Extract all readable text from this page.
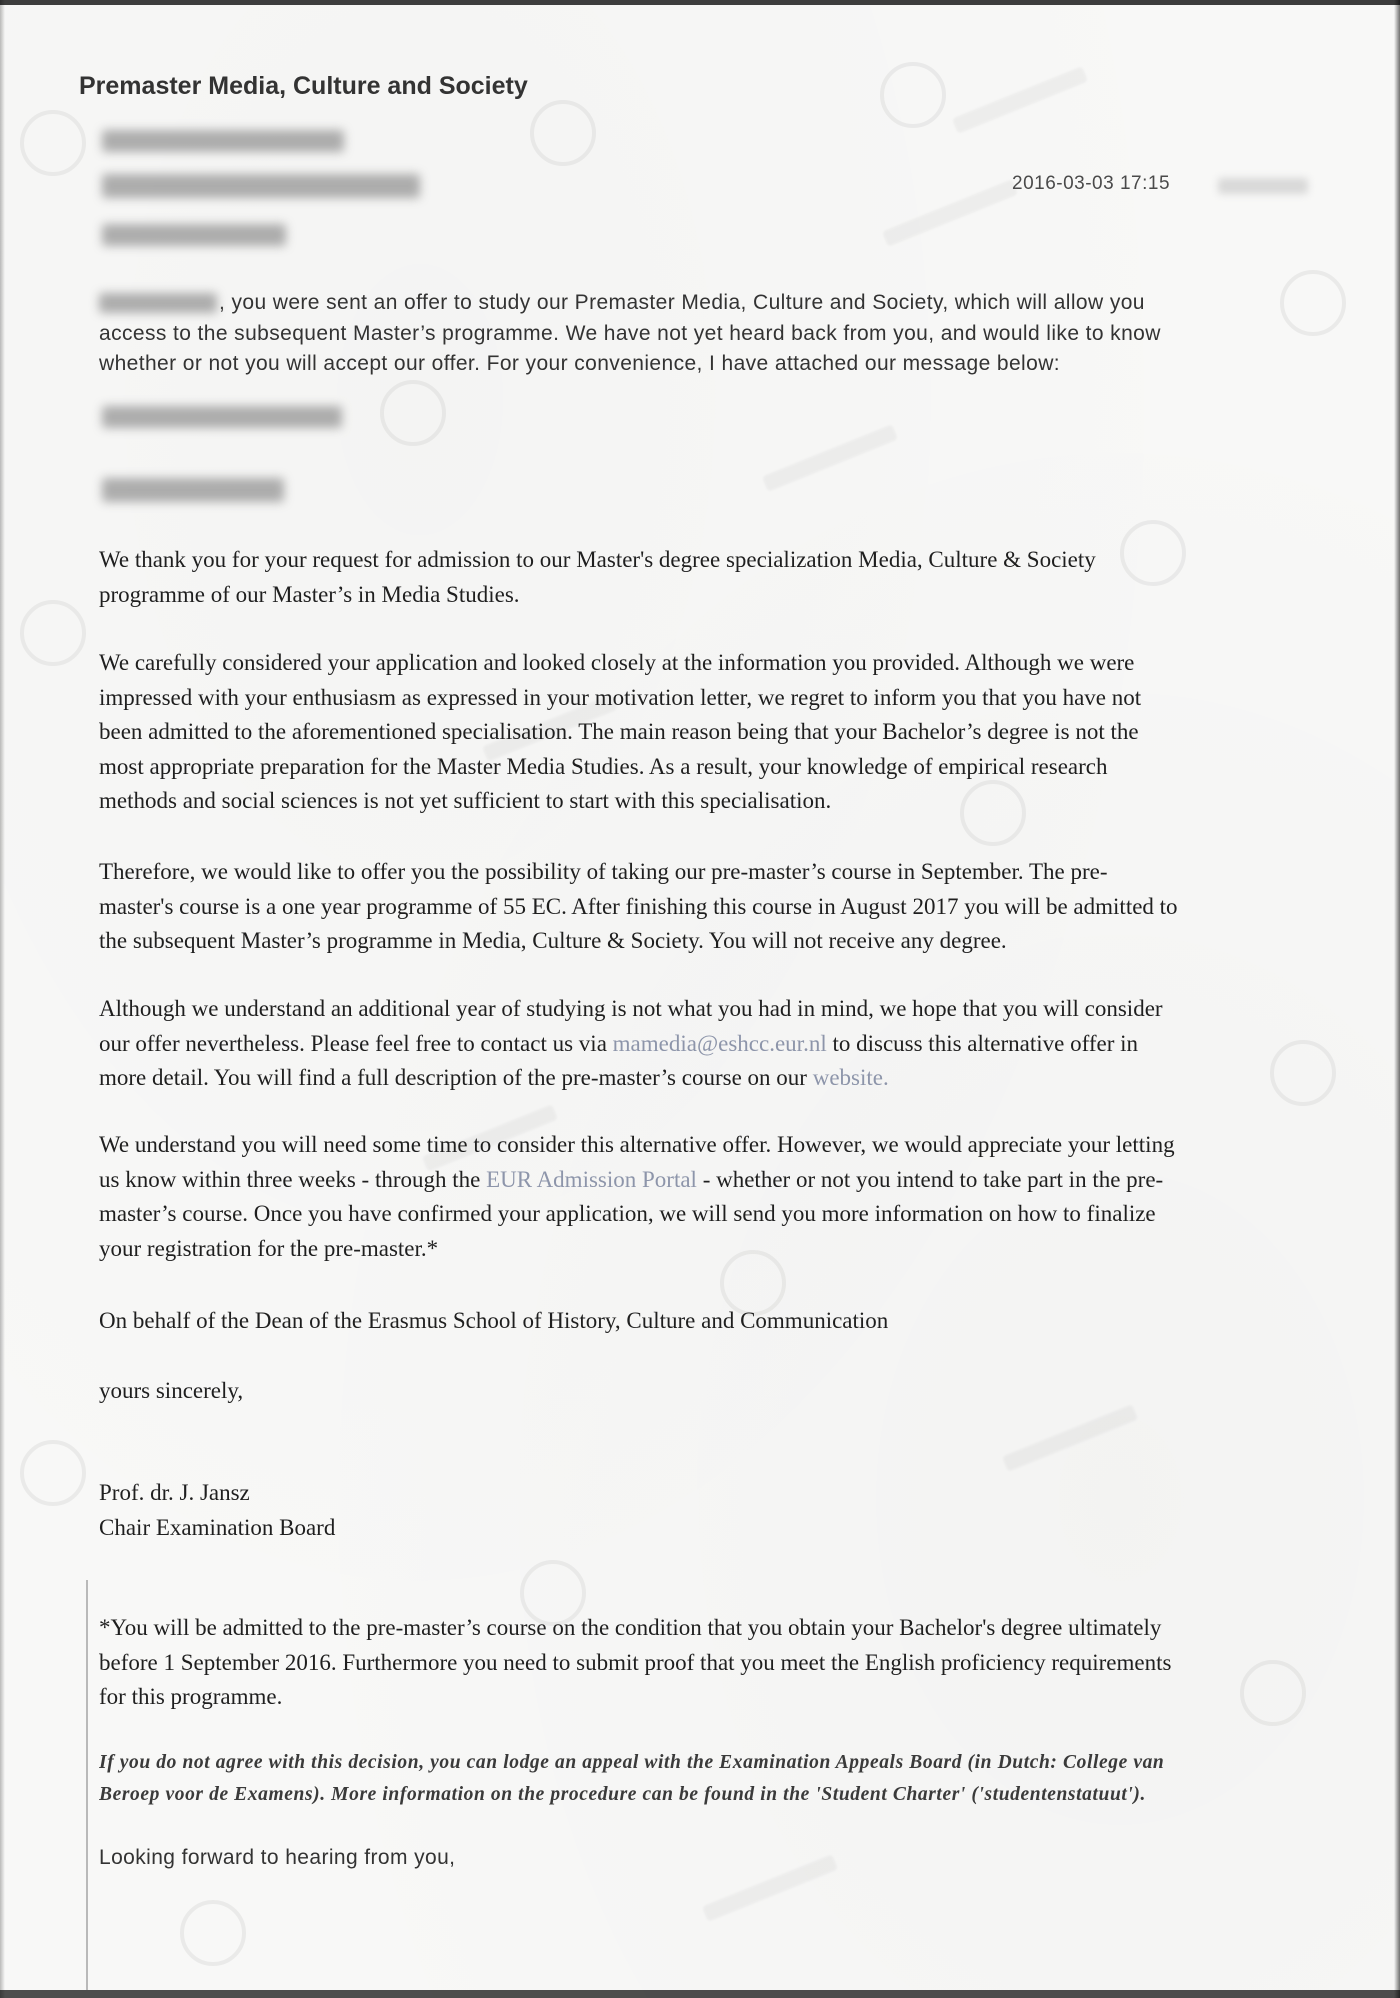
Premaster Media, Culture and Society
2016-03-03 17:15
, you were sent an offer to study our Premaster Media, Culture and Society, which will allow you
access to the subsequent Master’s programme. We have not yet heard back from you, and would like to know
whether or not you will accept our offer. For your convenience, I have attached our message below:
We thank you for your request for admission to our Master's degree specialization Media, Culture & Society
programme of our Master’s in Media Studies.
We carefully considered your application and looked closely at the information you provided. Although we were
impressed with your enthusiasm as expressed in your motivation letter, we regret to inform you that you have not
been admitted to the aforementioned specialisation. The main reason being that your Bachelor’s degree is not the
most appropriate preparation for the Master Media Studies. As a result, your knowledge of empirical research
methods and social sciences is not yet sufficient to start with this specialisation.
Therefore, we would like to offer you the possibility of taking our pre-master’s course in September. The pre-
master's course is a one year programme of 55 EC. After finishing this course in August 2017 you will be admitted to
the subsequent Master’s programme in Media, Culture & Society. You will not receive any degree.
Although we understand an additional year of studying is not what you had in mind, we hope that you will consider
our offer nevertheless. Please feel free to contact us via mamedia@eshcc.eur.nl to discuss this alternative offer in
more detail. You will find a full description of the pre-master’s course on our website.
We understand you will need some time to consider this alternative offer. However, we would appreciate your letting
us know within three weeks - through the EUR Admission Portal - whether or not you intend to take part in the pre-
master’s course. Once you have confirmed your application, we will send you more information on how to finalize
your registration for the pre-master.*
On behalf of the Dean of the Erasmus School of History, Culture and Communication
yours sincerely,
Prof. dr. J. Jansz
Chair Examination Board
*You will be admitted to the pre-master’s course on the condition that you obtain your Bachelor's degree ultimately
before 1 September 2016. Furthermore you need to submit proof that you meet the English proficiency requirements
for this programme.
If you do not agree with this decision, you can lodge an appeal with the Examination Appeals Board (in Dutch: College van
Beroep voor de Examens). More information on the procedure can be found in the 'Student Charter' ('studentenstatuut').
Looking forward to hearing from you,
